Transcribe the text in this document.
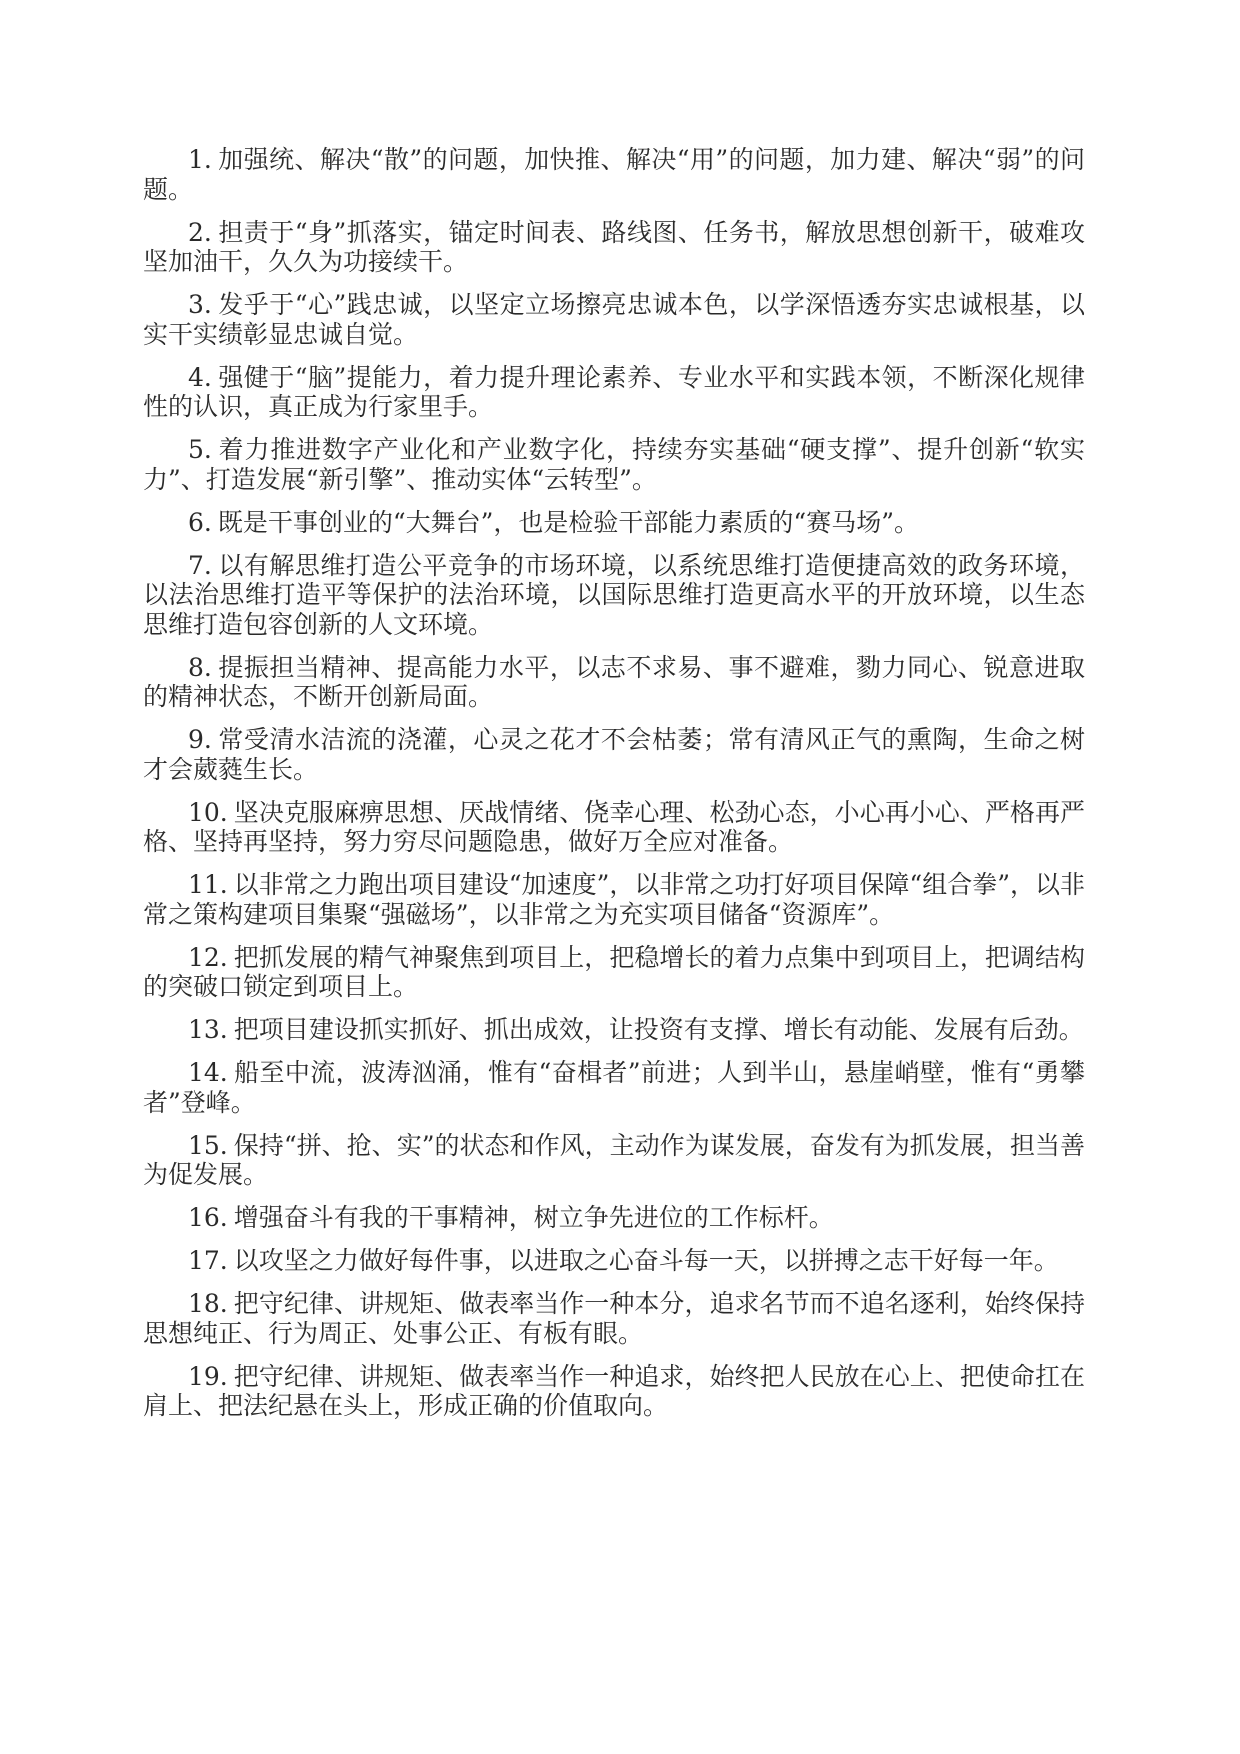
1. 加强统、解决“散”的问题，加快推、解决“用”的问题，加力建、解决“弱”的问题。

2. 担责于“身”抓落实，锚定时间表、路线图、任务书，解放思想创新干，破难攻坚加油干，久久为功接续干。

3. 发乎于“心”践忠诚，以坚定立场擦亮忠诚本色，以学深悟透夯实忠诚根基，以实干实绩彰显忠诚自觉。

4. 强健于“脑”提能力，着力提升理论素养、专业水平和实践本领，不断深化规律性的认识，真正成为行家里手。

5. 着力推进数字产业化和产业数字化，持续夯实基础“硬支撑”、提升创新“软实力”、打造发展“新引擎”、推动实体“云转型”。

6. 既是干事创业的“大舞台”，也是检验干部能力素质的“赛马场”。

7. 以有解思维打造公平竞争的市场环境，以系统思维打造便捷高效的政务环境，以法治思维打造平等保护的法治环境，以国际思维打造更高水平的开放环境，以生态思维打造包容创新的人文环境。

8. 提振担当精神、提高能力水平，以志不求易、事不避难，勠力同心、锐意进取的精神状态，不断开创新局面。

9. 常受清水洁流的浇灌，心灵之花才不会枯萎；常有清风正气的熏陶，生命之树才会葳蕤生长。

10. 坚决克服麻痹思想、厌战情绪、侥幸心理、松劲心态，小心再小心、严格再严格、坚持再坚持，努力穷尽问题隐患，做好万全应对准备。

11. 以非常之力跑出项目建设“加速度”，以非常之功打好项目保障“组合拳”，以非常之策构建项目集聚“强磁场”，以非常之为充实项目储备“资源库”。

12. 把抓发展的精气神聚焦到项目上，把稳增长的着力点集中到项目上，把调结构的突破口锁定到项目上。

13. 把项目建设抓实抓好、抓出成效，让投资有支撑、增长有动能、发展有后劲。

14. 船至中流，波涛汹涌，惟有“奋楫者”前进；人到半山，悬崖峭壁，惟有“勇攀者”登峰。

15. 保持“拼、抢、实”的状态和作风，主动作为谋发展，奋发有为抓发展，担当善为促发展。

16. 增强奋斗有我的干事精神，树立争先进位的工作标杆。

17. 以攻坚之力做好每件事，以进取之心奋斗每一天，以拼搏之志干好每一年。

18. 把守纪律、讲规矩、做表率当作一种本分，追求名节而不追名逐利，始终保持思想纯正、行为周正、处事公正、有板有眼。

19. 把守纪律、讲规矩、做表率当作一种追求，始终把人民放在心上、把使命扛在肩上、把法纪悬在头上，形成正确的价值取向。
